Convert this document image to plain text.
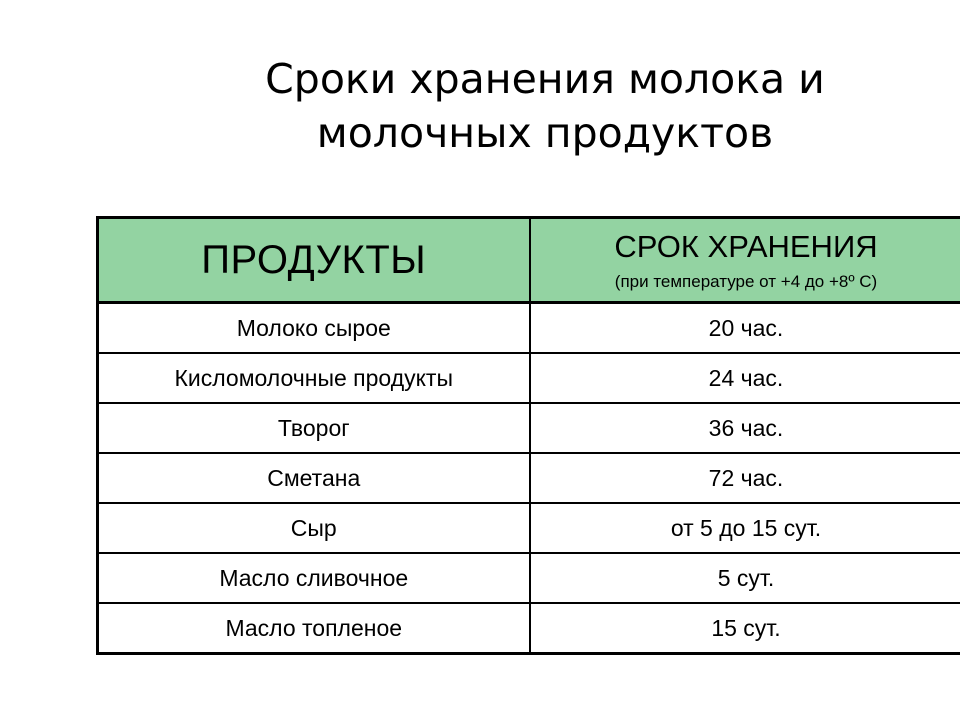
Сроки хранения молока и
молочных продуктов
ПРОДУКТЫ	СРОК ХРАНЕНИЯ
(при температуре от +4 до +8º С)

Молоко сырое	20 час.
Кисломолочные продукты	24 час.
Творог	36 час.
Сметана	72 час.
Сыр	от 5 до 15 сут.
Масло сливочное	5 сут.
Масло топленое	15 сут.
